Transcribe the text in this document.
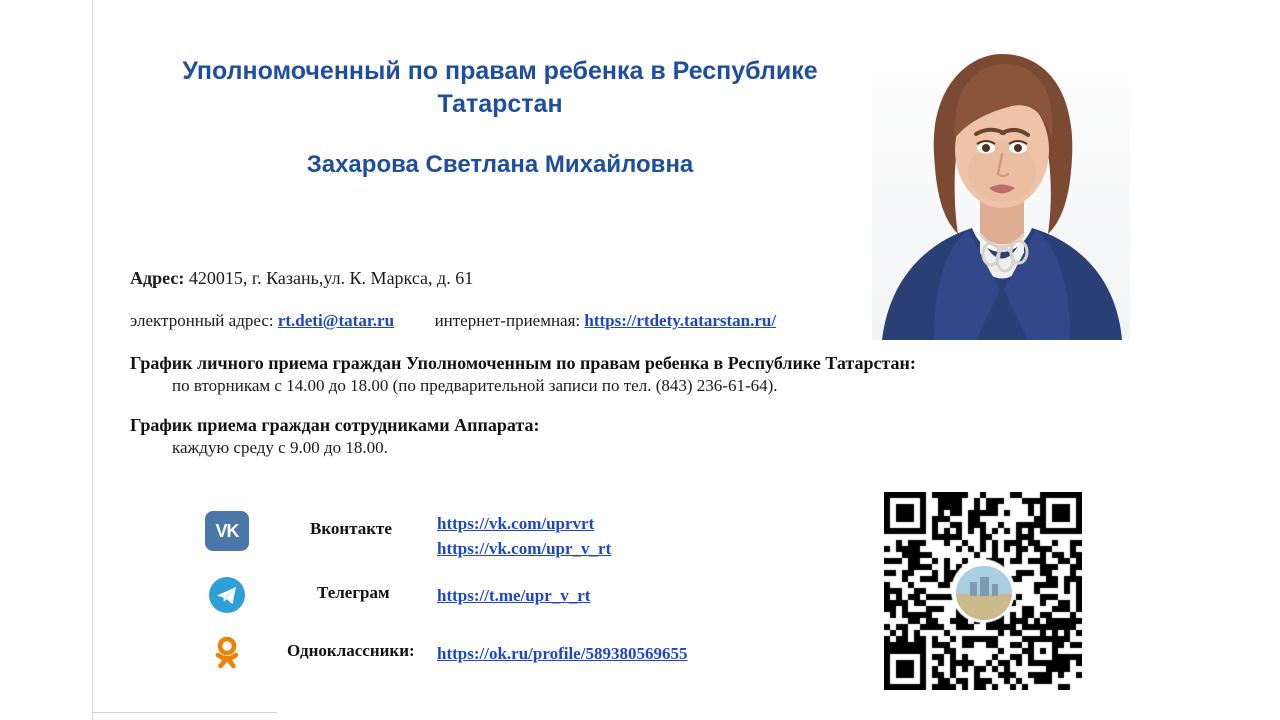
Уполномоченный по правам ребенка в Республике
Татарстан
Захарова Светлана Михайловна
Адрес: 420015, г. Казань,ул. К. Маркса, д. 61
электронный адрес: rt.deti@tatar.ru интернет-приемная: https://rtdety.tatarstan.ru/
График личного приема граждан Уполномоченным по правам ребенка в Республике Татарстан:
по вторникам с 14.00 до 18.00 (по предварительной записи по тел. (843) 236-61-64).
График приема граждан сотрудниками Аппарата:
каждую среду с 9.00 до 18.00.
VK	Вконтакте	https://vk.com/uprvrt
https://vk.com/upr_v_rt
Телеграм	https://t.me/upr_v_rt
Одноклассники: https://ok.ru/profile/589380569655
